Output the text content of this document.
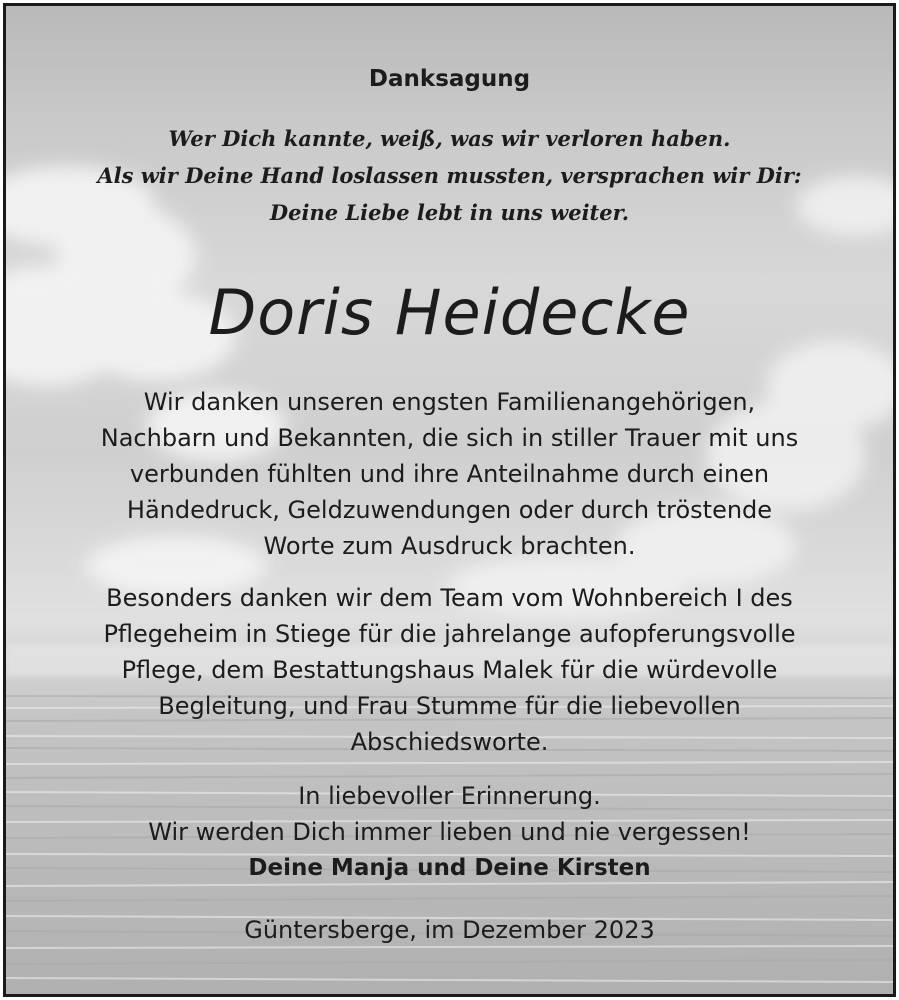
Danksagung
Wer Dich kannte, weiß, was wir verloren haben.
Als wir Deine Hand loslassen mussten, versprachen wir Dir:
Deine Liebe lebt in uns weiter.
Doris Heidecke
Wir danken unseren engsten Familienangehörigen,
Nachbarn und Bekannten, die sich in stiller Trauer mit uns
verbunden fühlten und ihre Anteilnahme durch einen
Händedruck, Geldzuwendungen oder durch tröstende
Worte zum Ausdruck brachten.
Besonders danken wir dem Team vom Wohnbereich I des
Pflegeheim in Stiege für die jahrelange aufopferungsvolle
Pflege, dem Bestattungshaus Malek für die würdevolle
Begleitung, und Frau Stumme für die liebevollen
Abschiedsworte.
In liebevoller Erinnerung.
Wir werden Dich immer lieben und nie vergessen!
Deine Manja und Deine Kirsten
Güntersberge, im Dezember 2023
